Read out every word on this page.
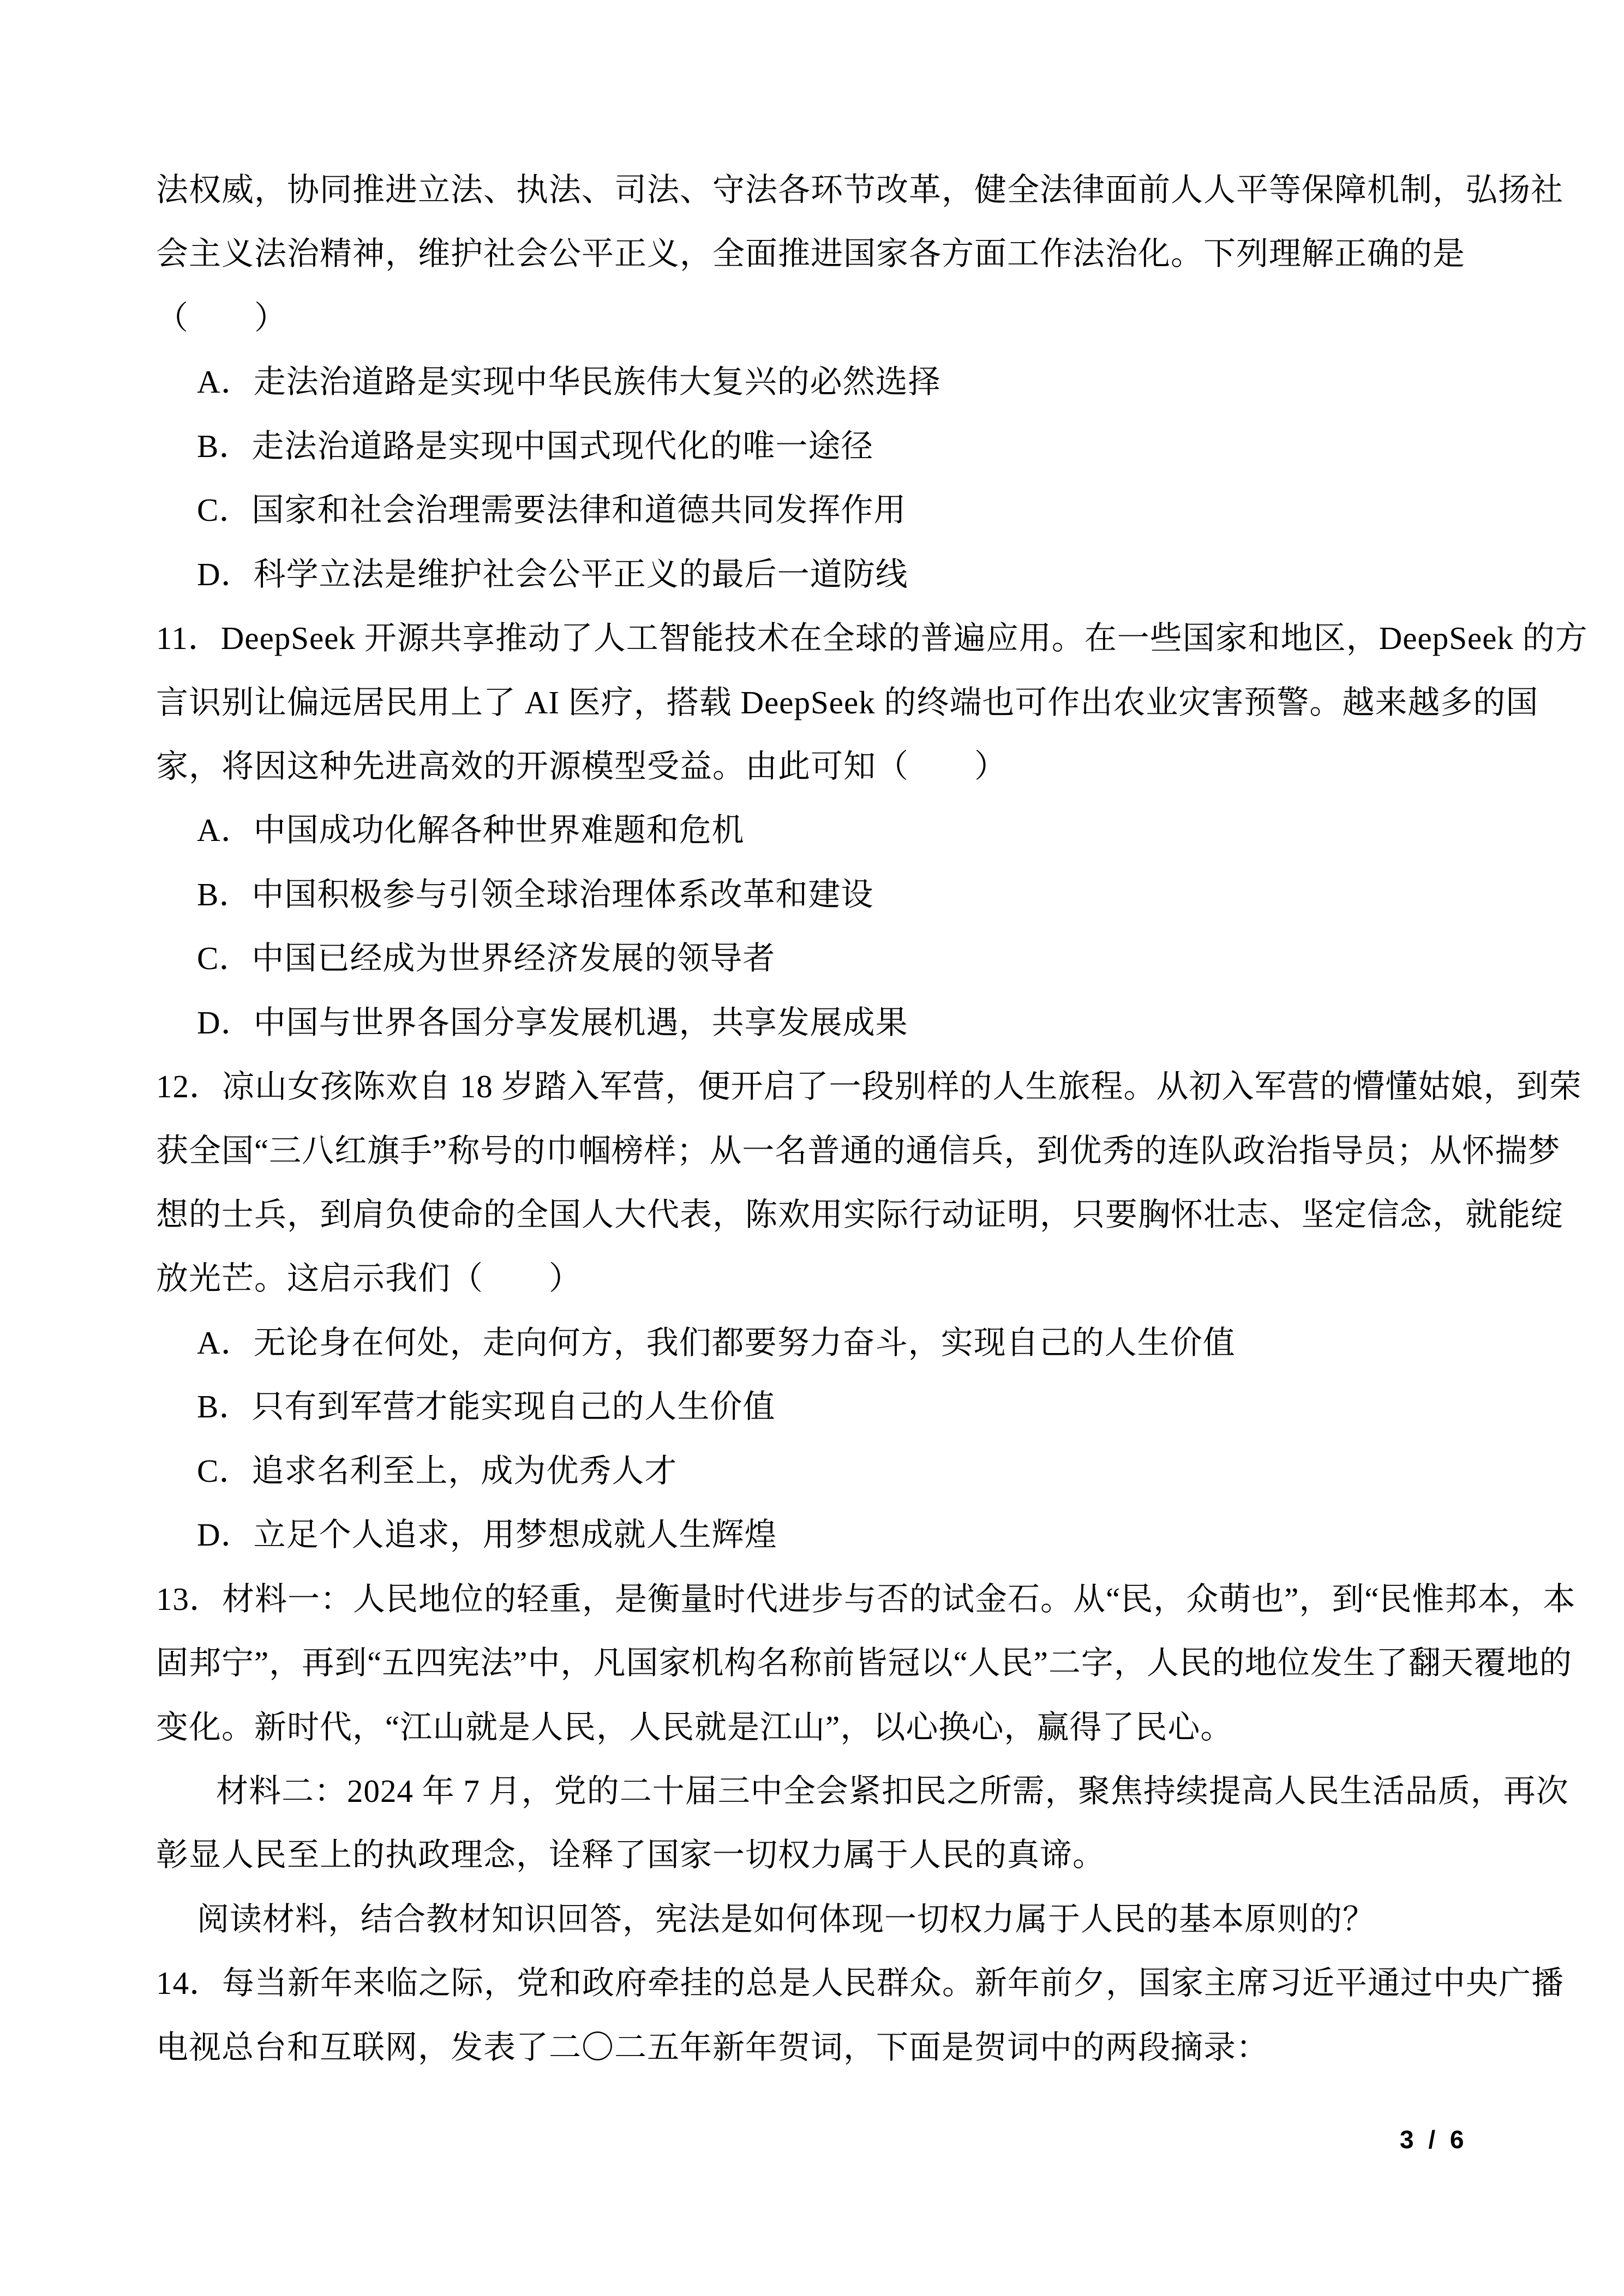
法权威，协同推进立法、执法、司法、守法各环节改革，健全法律面前人人平等保障机制，弘扬社
会主义法治精神，维护社会公平正义，全面推进国家各方面工作法治化。下列理解正确的是
（　　）
A．走法治道路是实现中华民族伟大复兴的必然选择
B．走法治道路是实现中国式现代化的唯一途径
C．国家和社会治理需要法律和道德共同发挥作用
D．科学立法是维护社会公平正义的最后一道防线
11．DeepSeek 开源共享推动了人工智能技术在全球的普遍应用。在一些国家和地区，DeepSeek 的方
言识别让偏远居民用上了 AI 医疗，搭载 DeepSeek 的终端也可作出农业灾害预警。越来越多的国
家，将因这种先进高效的开源模型受益。由此可知（　　）
A．中国成功化解各种世界难题和危机
B．中国积极参与引领全球治理体系改革和建设
C．中国已经成为世界经济发展的领导者
D．中国与世界各国分享发展机遇，共享发展成果
12．凉山女孩陈欢自 18 岁踏入军营，便开启了一段别样的人生旅程。从初入军营的懵懂姑娘，到荣
获全国“三八红旗手”称号的巾帼榜样；从一名普通的通信兵，到优秀的连队政治指导员；从怀揣梦
想的士兵，到肩负使命的全国人大代表，陈欢用实际行动证明，只要胸怀壮志、坚定信念，就能绽
放光芒。这启示我们（　　）
A．无论身在何处，走向何方，我们都要努力奋斗，实现自己的人生价值
B．只有到军营才能实现自己的人生价值
C．追求名利至上，成为优秀人才
D．立足个人追求，用梦想成就人生辉煌
13．材料一：人民地位的轻重，是衡量时代进步与否的试金石。从“民，众萌也”，到“民惟邦本，本
固邦宁”，再到“五四宪法”中，凡国家机构名称前皆冠以“人民”二字，人民的地位发生了翻天覆地的
变化。新时代，“江山就是人民，人民就是江山”，以心换心，赢得了民心。
材料二：2024 年 7 月，党的二十届三中全会紧扣民之所需，聚焦持续提高人民生活品质，再次
彰显人民至上的执政理念，诠释了国家一切权力属于人民的真谛。
阅读材料，结合教材知识回答，宪法是如何体现一切权力属于人民的基本原则的？
14．每当新年来临之际，党和政府牵挂的总是人民群众。新年前夕，国家主席习近平通过中央广播
电视总台和互联网，发表了二〇二五年新年贺词，下面是贺词中的两段摘录：
3 / 6
